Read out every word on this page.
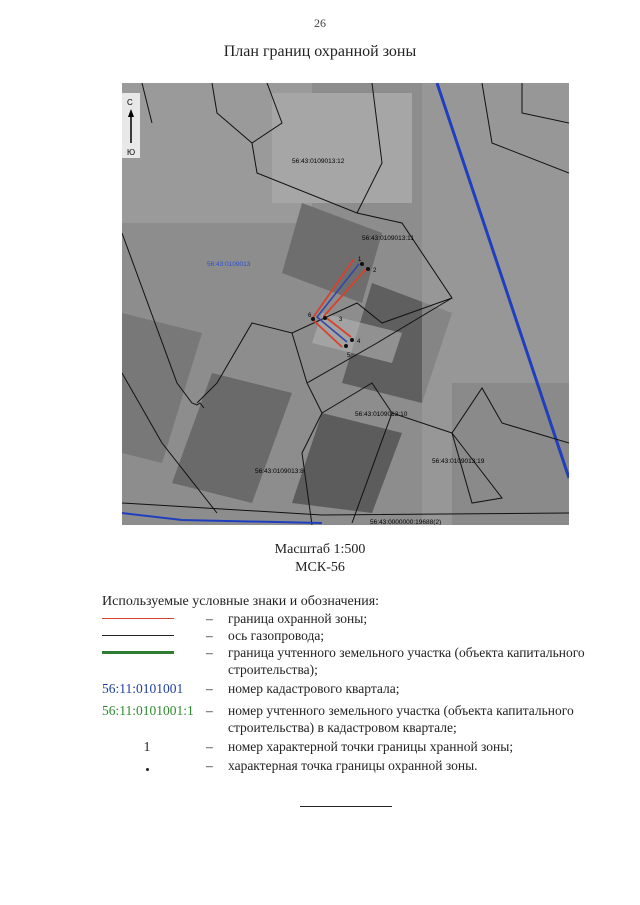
26
План границ охранной зоны
1
2
3
4
5
6
56:43:0109013:12
56:43:0109013:11
56:43:0109013:10
56:43:0109013:8
56:43:0109013:19
56:43:0000000:19688(2)
56:43:0109013
С
Ю
Масштаб 1:500
МСК-56
Используемые условные знаки и обозначения:
–	граница охранной зоны;
–	ось газопровода;
–	граница учтенного земельного участка (объекта капитального строительства);
56:11:0101001	–	номер кадастрового квартала;
56:11:0101001:1 –	номер учтенного земельного участка (объекта капитального строительства) в кадастровом квартале;
1	–	номер характерной точки границы хранной зоны;
–	характерная точка границы охранной зоны.
